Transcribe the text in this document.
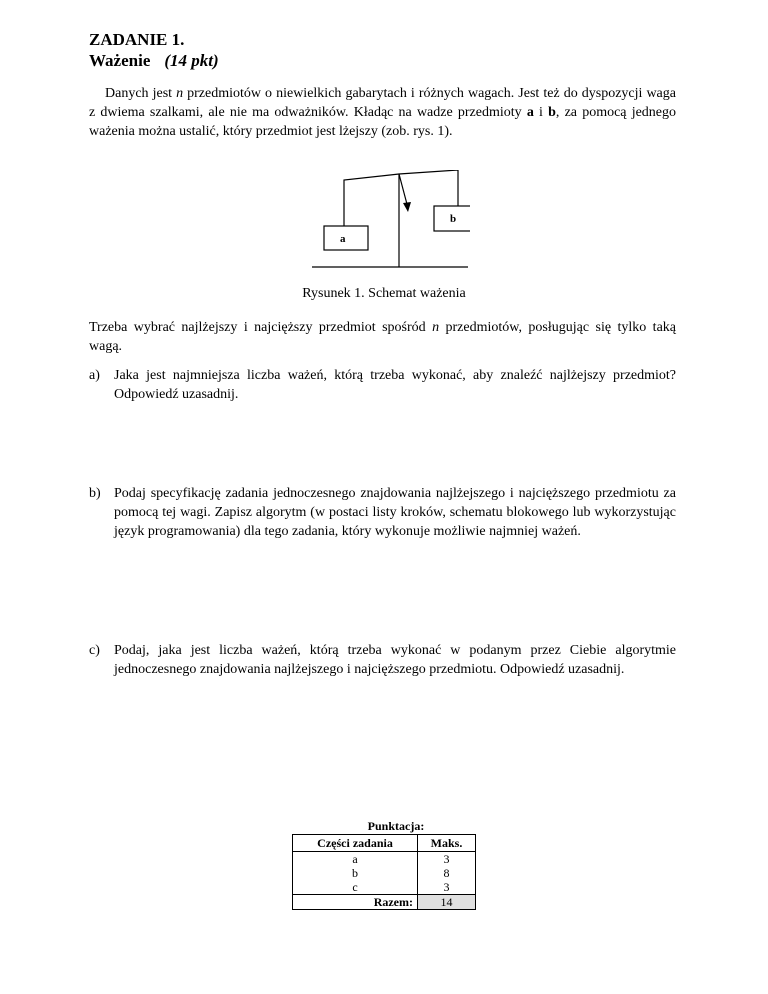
ZADANIE 1.
Ważenie (14 pkt)

Danych jest n przedmiotów o niewielkich gabarytach i różnych wagach. Jest też do dyspozycji waga z dwiema szalkami, ale nie ma odważników. Kładąc na wadze przedmioty a i b, za pomocą jednego ważenia można ustalić, który przedmiot jest lżejszy (zob. rys. 1).

a
b
Rysunek 1. Schemat ważenia

Trzeba wybrać najlżejszy i najcięższy przedmiot spośród n przedmiotów, posługując się tylko taką wagą.

a) Jaka jest najmniejsza liczba ważeń, którą trzeba wykonać, aby znaleźć najlżejszy przedmiot? Odpowiedź uzasadnij.
b) Podaj specyfikację zadania jednoczesnego znajdowania najlżejszego i najcięższego przedmiotu za pomocą tej wagi. Zapisz algorytm (w postaci listy kroków, schematu blokowego lub wykorzystując język programowania) dla tego zadania, który wykonuje możliwie najmniej ważeń.
c) Podaj, jaka jest liczba ważeń, którą trzeba wykonać w podanym przez Ciebie algorytmie jednoczesnego znajdowania najlżejszego i najcięższego przedmiotu. Odpowiedź uzasadnij.
Punktacja:
Części zadania	Maks.
a	3
b	8
c	3
Razem:	14
